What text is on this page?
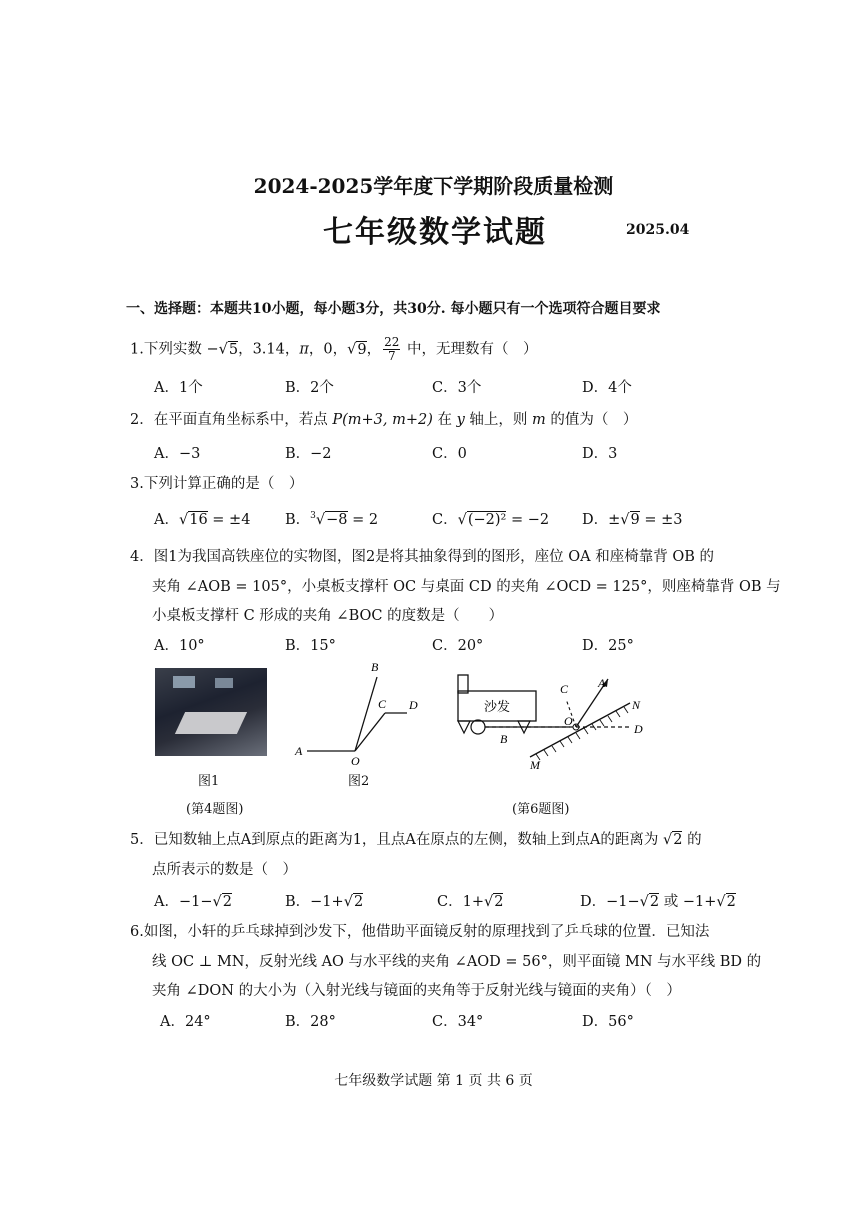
2024-2025学年度下学期阶段质量检测
七年级数学试题	2025.04
一、选择题：本题共10小题，每小题3分，共30分. 每小题只有一个选项符合题目要求
1.下列实数 −√5，3.14，π，0，√9， $\frac{22}{7}$ 中，无理数有（　）
A．1个	B．2个	C．3个	D．4个
2．在平面直角坐标系中，若点 P(m+3, m+2) 在 y 轴上，则 m 的值为（　）
A．−3	B．−2	C．0	D．3
3.下列计算正确的是（　）
A．√16 = ±4 B．$^3$√−8 = 2	C．√(−2)² = −2 D．±√9 = ±3
4．图1为我国高铁座位的实物图，图2是将其抽象得到的图形，座位 OA 和座椅靠背 OB 的
夹角 ∠AOB = 105°，小桌板支撑杆 OC 与桌面 CD 的夹角 ∠OCD = 125°，则座椅靠背 OB 与
小桌板支撑杆 C 形成的夹角 ∠BOC 的度数是（　　）
A．10°	B．15°	C．20°	D．25°
图1
A
B
C D
O
图2
(第4题图)
沙发
C A
N
O
D
B
M
(第6题图)
5．已知数轴上点A到原点的距离为1，且点A在原点的左侧，数轴上到点A的距离为 √2 的
点所表示的数是（　）
A．−1−√2	B．−1+√2	C．1+√2	D．−1−√2 或 −1+√2
6.如图，小轩的乒乓球掉到沙发下，他借助平面镜反射的原理找到了乒乓球的位置．已知法
线 OC ⊥ MN，反射光线 AO 与水平线的夹角 ∠AOD = 56°，则平面镜 MN 与水平线 BD 的
夹角 ∠DON 的大小为（入射光线与镜面的夹角等于反射光线与镜面的夹角）（　）
A．24°	B．28°	C．34°	D．56°
七年级数学试题 第 1 页 共 6 页
